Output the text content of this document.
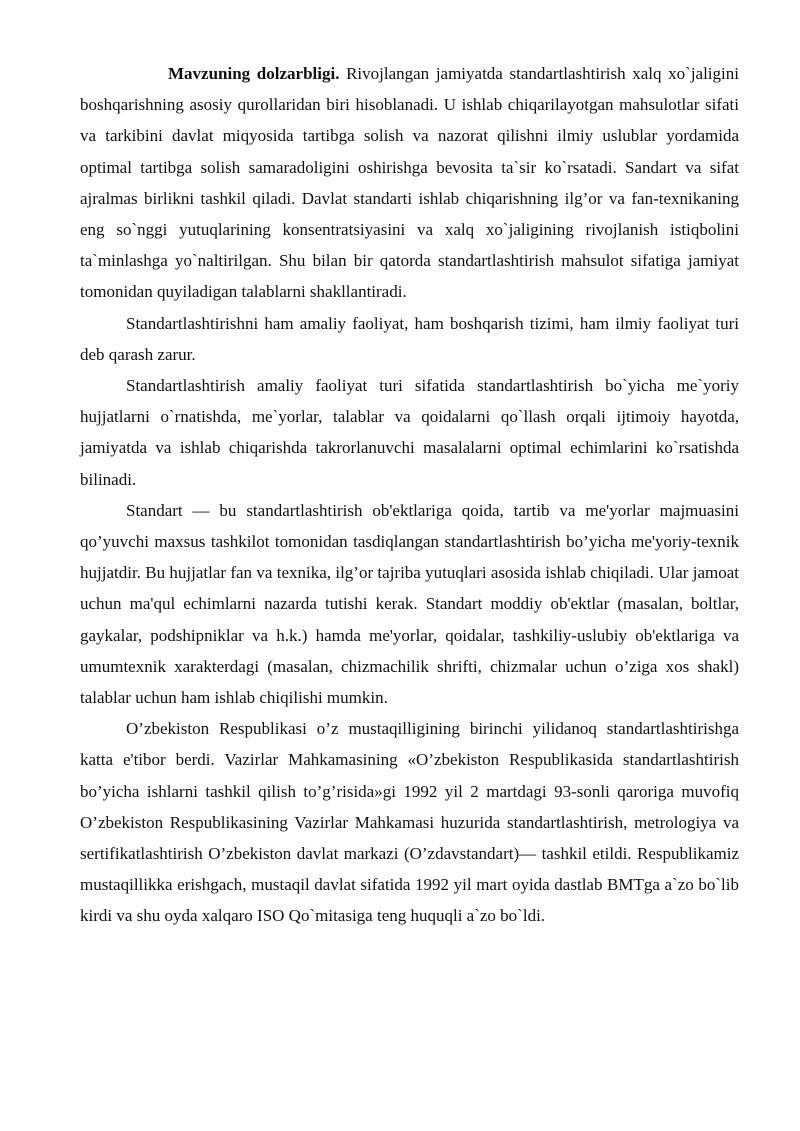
Mavzuning dolzarbligi. Rivojlangan jamiyatda standartlashtirish xalq xo`jaligini boshqarishning asosiy qurollaridan biri hisoblanadi. U ishlab chiqarilayotgan mahsulotlar sifati va tarkibini davlat miqyosida tartibga solish va nazorat qilishni ilmiy uslublar yordamida optimal tartibga solish samaradoligini oshirishga bevosita ta`sir ko`rsatadi. Sandart va sifat ajralmas birlikni tashkil qiladi. Davlat standarti ishlab chiqarishning ilg’or va fan-texnikaning eng so`nggi yutuqlarining konsentratsiyasini va xalq xo`jaligining rivojlanish istiqbolini ta`minlashga yo`naltirilgan. Shu bilan bir qatorda standartlashtirish mahsulot sifatiga jamiyat tomonidan quyiladigan talablarni shakllantiradi.

Standartlashtirishni ham amaliy faoliyat, ham boshqarish tizimi, ham ilmiy faoliyat turi deb qarash zarur.

Standartlashtirish amaliy faoliyat turi sifatida standartlashtirish bo`yicha me`yoriy hujjatlarni o`rnatishda, me`yorlar, talablar va qoidalarni qo`llash orqali ijtimoiy hayotda, jamiyatda va ishlab chiqarishda takrorlanuvchi masalalarni optimal echimlarini ko`rsatishda bilinadi.

Standart — bu standartlashtirish ob'ektlariga qoida, tartib va me'yorlar majmuasini qo’yuvchi maxsus tashkilot tomonidan tasdiqlangan standartlashtirish bo’yicha me'yoriy-texnik hujjatdir. Bu hujjatlar fan va texnika, ilg’or tajriba yutuqlari asosida ishlab chiqiladi. Ular jamoat uchun ma'qul echimlarni nazarda tutishi kerak. Standart moddiy ob'ektlar (masalan, boltlar, gaykalar, podshipniklar va h.k.) hamda me'yorlar, qoidalar, tashkiliy-uslubiy ob'ektlariga va umumtexnik xarakterdagi (masalan, chizmachilik shrifti, chizmalar uchun o’ziga xos shakl) talablar uchun ham ishlab chiqilishi mumkin.

O’zbekiston Respublikasi o’z mustaqilligining birinchi yilidanoq standartlashtirishga katta e'tibor berdi. Vazirlar Mahkamasining «O’zbekiston Respublikasida standartlashtirish bo’yicha ishlarni tashkil qilish to’g’risida»gi 1992 yil 2 martdagi 93-sonli qaroriga muvofiq O’zbekiston Respublikasining Vazirlar Mahkamasi huzurida standartlashtirish, metrologiya va sertifikatlashtirish O’zbekiston davlat markazi (O’zdavstandart)— tashkil etildi. Respublikamiz mustaqillikka erishgach, mustaqil davlat sifatida 1992 yil mart oyida dastlab BMTga a`zo bo`lib kirdi va shu oyda xalqaro ISO Qo`mitasiga teng huquqli a`zo bo`ldi.
